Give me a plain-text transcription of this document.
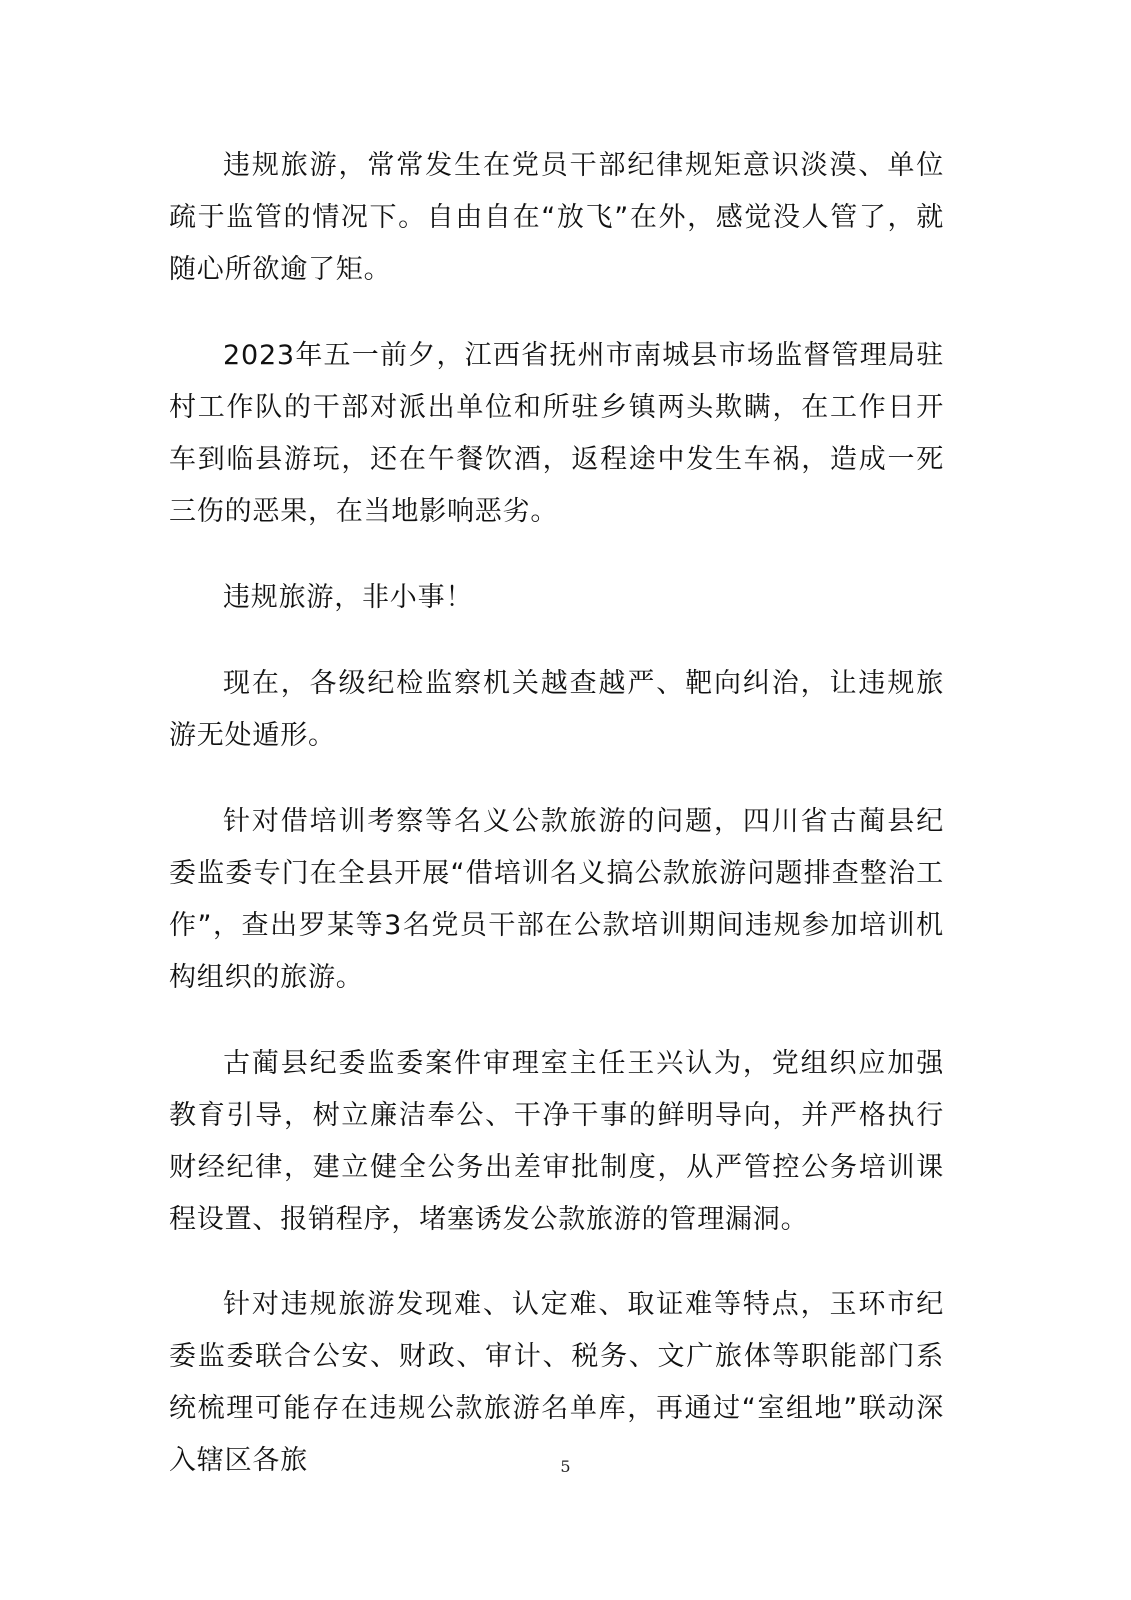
违规旅游，常常发生在党员干部纪律规矩意识淡漠、单位疏于监管的情况下。自由自在“放飞”在外，感觉没人管了，就随心所欲逾了矩。

2023年五一前夕，江西省抚州市南城县市场监督管理局驻村工作队的干部对派出单位和所驻乡镇两头欺瞒，在工作日开车到临县游玩，还在午餐饮酒，返程途中发生车祸，造成一死三伤的恶果，在当地影响恶劣。

违规旅游，非小事！

现在，各级纪检监察机关越查越严、靶向纠治，让违规旅游无处遁形。

针对借培训考察等名义公款旅游的问题，四川省古蔺县纪委监委专门在全县开展“借培训名义搞公款旅游问题排查整治工作”，查出罗某等3名党员干部在公款培训期间违规参加培训机构组织的旅游。

古蔺县纪委监委案件审理室主任王兴认为，党组织应加强教育引导，树立廉洁奉公、干净干事的鲜明导向，并严格执行财经纪律，建立健全公务出差审批制度，从严管控公务培训课程设置、报销程序，堵塞诱发公款旅游的管理漏洞。

针对违规旅游发现难、认定难、取证难等特点，玉环市纪委监委联合公安、财政、审计、税务、文广旅体等职能部门系统梳理可能存在违规公款旅游名单库，再通过“室组地”联动深入辖区各旅	5
